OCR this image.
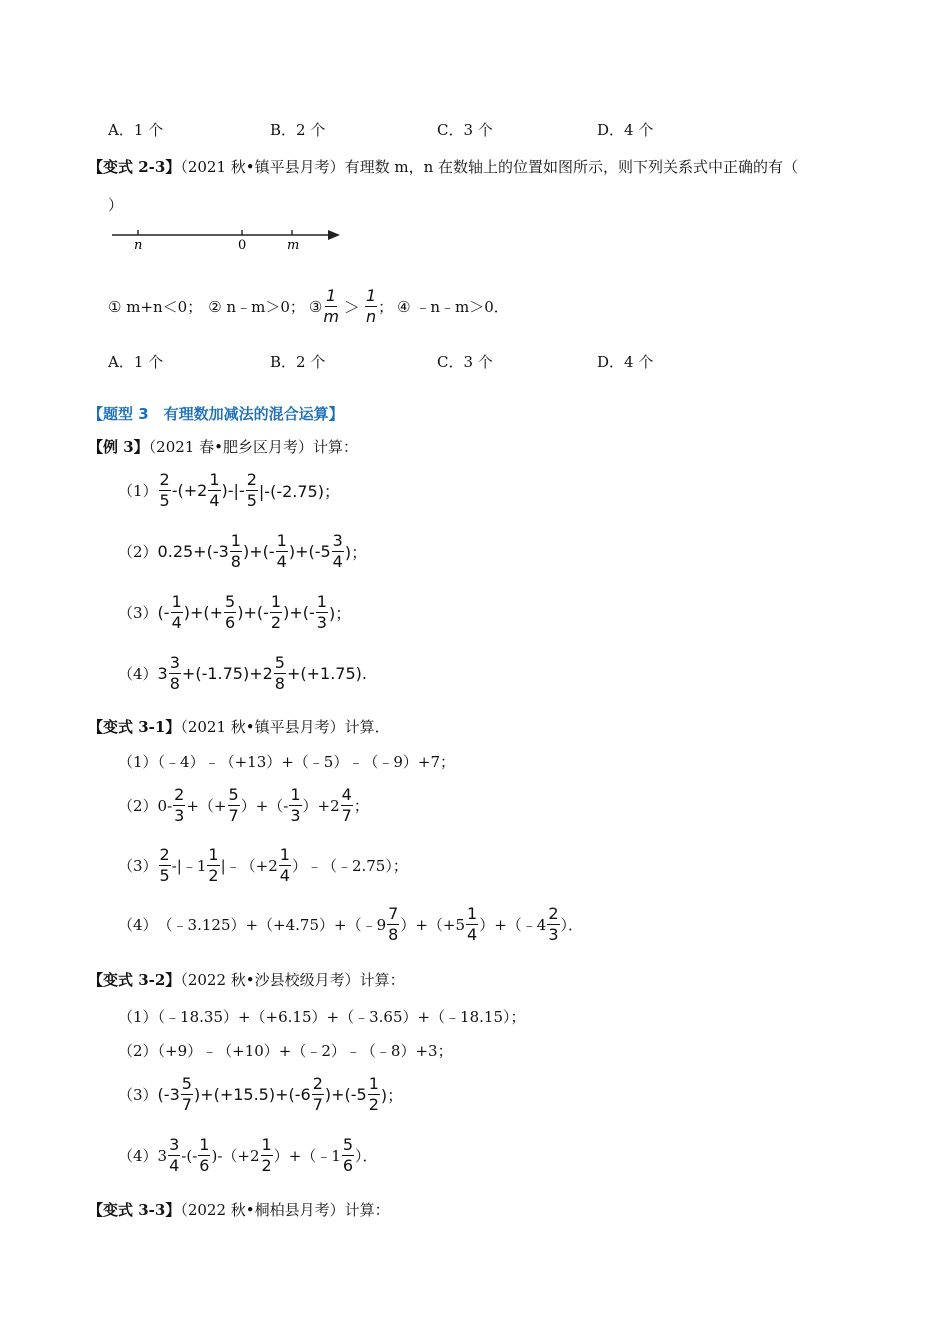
A．1 个	B．2 个	C．3 个	D．4 个
【变式 2-3】（2021 秋•镇平县月考）有理数 m，n 在数轴上的位置如图所示，则下列关系式中正确的有（
）
n	0	m
① m+n＜0； ② n﹣m＞0； ③ $\frac{1}{m} > \frac{1}{n}$ ； ④ ﹣n﹣m＞0．
A．1 个	B．2 个	C．3 个	D．4 个
【题型 3　有理数加减法的混合运算】
【例 3】（2021 春•肥乡区月考）计算：
$(1) \frac{2}{5} -(+2 \frac{1}{4}$ )-|- $\frac{2}{5} |-(-2.75)$；
（2） $0.25+(-3 \frac{1}{8}$ )+(- $\frac{1}{4} )+(-5 \frac{3}{4}$ )；
（3） (- $\frac{1}{4}$ )+(+ $\frac{5}{6}$ )+(- $\frac{1}{2}$ )+(- $\frac{1}{3}$ )；
（4） $3 \frac{3}{8} +(-1.75)+2 \frac{5}{8} +(+1.75)$.
【变式 3-1】（2021 秋•镇平县月考）计算．
（1）（﹣4）﹣（+13）+（﹣5）﹣（﹣9）+7；
（2） $0- \frac{2}{3}$ +（+ $\frac{5}{7}$ ）+（- $\frac{1}{3} )+2 \frac{4}{7}$ ；
$(3) \frac{2}{5}$ -|﹣1 $\frac{1}{2}$ |﹣（+2 $\frac{1}{4}$ ）﹣（﹣2.75）；
（4） （﹣3.125）+（+4.75）+（﹣9 $\frac{7}{8} )+(+5 \frac{1}{4}$ ）+（﹣4 $\frac{2}{3}$ ）．
【变式 3-2】（2022 秋•沙县校级月考）计算：
（1）（﹣18.35）+（+6.15）+（﹣3.65）+（﹣18.15）；
（2）（+9）﹣（+10）+（﹣2）﹣（﹣8）+3；
（3） $(-3 \frac{5}{7} )+(+15.5)+(-6 \frac{2}{7} )+(-5 \frac{1}{2}$ )；
（4） $3 \frac{3}{4}$ -(- $\frac{1}{6} )-(+2 \frac{1}{2}$ ）+（﹣1 $\frac{5}{6}$ ）．
【变式 3-3】（2022 秋•桐柏县月考）计算：
